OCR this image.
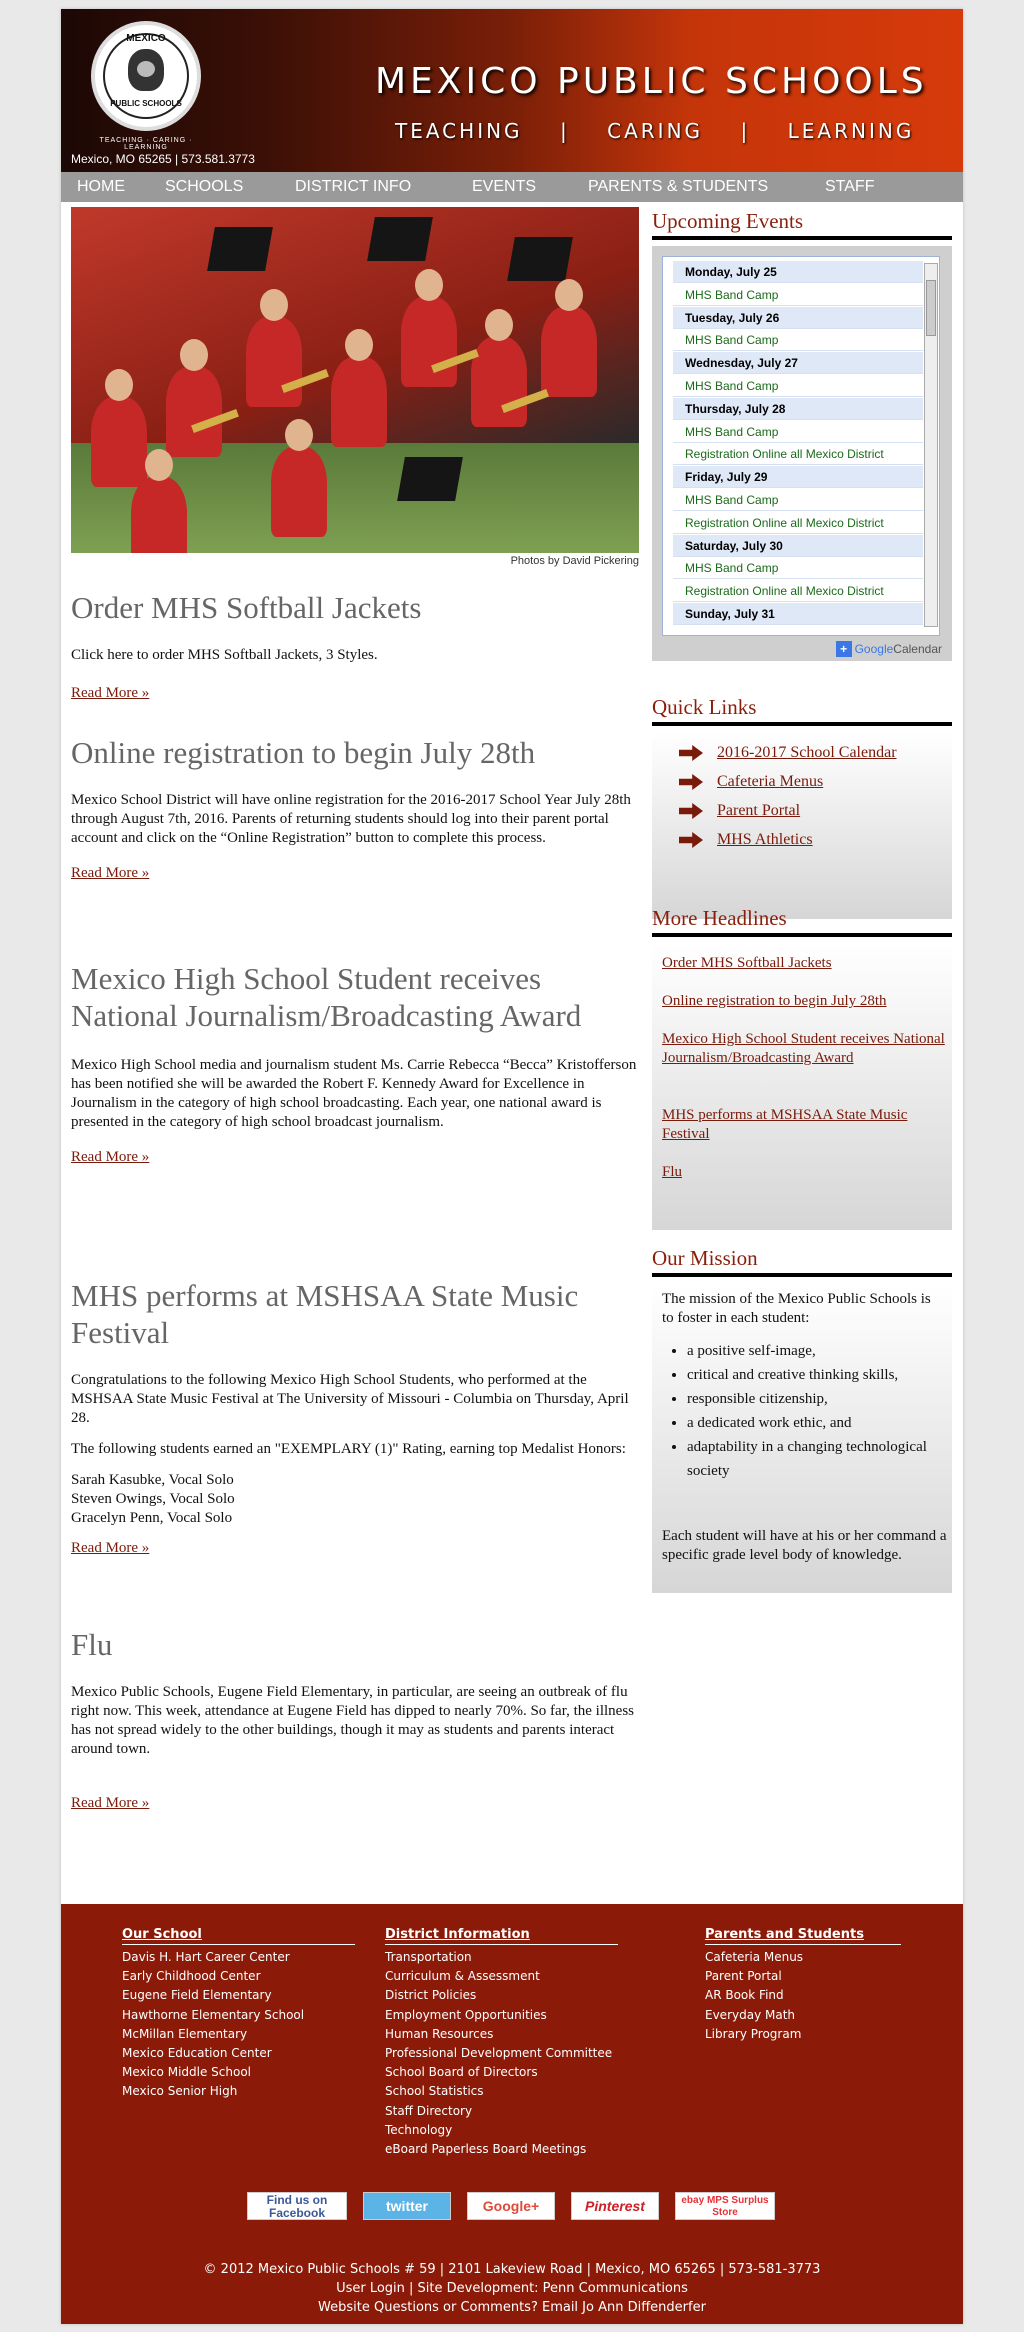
MEXICO
PUBLIC SCHOOLS
TEACHING · CARING · LEARNING
Mexico, MO 65265 | 573.581.3773
MEXICO PUBLIC SCHOOLS
TEACHING    |    CARING    |    LEARNING
HOME	SCHOOLS	DISTRICT INFO	EVENTS	PARENTS & STUDENTS	STAFF
Photos by David Pickering
Order MHS Softball Jackets

Click here to order MHS Softball Jackets, 3 Styles.

Read More »
Online registration to begin July 28th

Mexico School District will have online registration for the 2016-2017 School Year July 28th through August 7th, 2016. Parents of returning students should log into their parent portal account and click on the “Online Registration” button to complete this process.

Read More »
Mexico High School Student receives National Journalism/Broadcasting Award

Mexico High School media and journalism student Ms. Carrie Rebecca “Becca” Kristofferson has been notified she will be awarded the Robert F. Kennedy Award for Excellence in Journalism in the category of high school broadcasting. Each year, one national award is presented in the category of high school broadcast journalism.

Read More »
MHS performs at MSHSAA State Music Festival

Congratulations to the following Mexico High School Students, who performed at the MSHSAA State Music Festival at The University of Missouri - Columbia on Thursday, April 28.

The following students earned an "EXEMPLARY (1)" Rating, earning top Medalist Honors:

Sarah Kasubke, Vocal Solo

Steven Owings, Vocal Solo

Gracelyn Penn, Vocal Solo

Read More »
Flu

Mexico Public Schools, Eugene Field Elementary, in particular, are seeing an outbreak of flu right now. This week, attendance at Eugene Field has dipped to nearly 70%. So far, the illness has not spread widely to the other buildings, though it may as students and parents interact around town.

Read More »
Upcoming Events
Monday, July 25
MHS Band Camp
Tuesday, July 26
MHS Band Camp
Wednesday, July 27
MHS Band Camp
Thursday, July 28
MHS Band Camp
Registration Online all Mexico District
Friday, July 29
MHS Band Camp
Registration Online all Mexico District
Saturday, July 30
MHS Band Camp
Registration Online all Mexico District
Sunday, July 31
+ GoogleCalendar
Quick Links
2016-2017 School Calendar
Cafeteria Menus
Parent Portal
MHS Athletics
More Headlines
Order MHS Softball Jackets
Online registration to begin July 28th
Mexico High School Student receives National Journalism/Broadcasting Award
MHS performs at MSHSAA State Music Festival
Flu
Our Mission

The mission of the Mexico Public Schools is to foster in each student:

• a positive self-image,
• critical and creative thinking skills,
• responsible citizenship,
• a dedicated work ethic, and
• adaptability in a changing technological society

Each student will have at his or her command a specific grade level body of knowledge.

Our School
Davis H. Hart Career Center
Early Childhood Center
Eugene Field Elementary
Hawthorne Elementary School
McMillan Elementary
Mexico Education Center
Mexico Middle School
Mexico Senior High
District Information
Transportation
Curriculum & Assessment
District Policies
Employment Opportunities
Human Resources
Professional Development Committee
School Board of Directors
School Statistics
Staff Directory
Technology
eBoard Paperless Board Meetings
Parents and Students
Cafeteria Menus
Parent Portal
AR Book Find
Everyday Math
Library Program
Find us on Facebook	twitter	Google+	Pinterest	ebay MPS Surplus Store
© 2012 Mexico Public Schools # 59 | 2101 Lakeview Road | Mexico, MO 65265 | 573-581-3773
User Login | Site Development: Penn Communications
Website Questions or Comments? Email Jo Ann Diffenderfer
